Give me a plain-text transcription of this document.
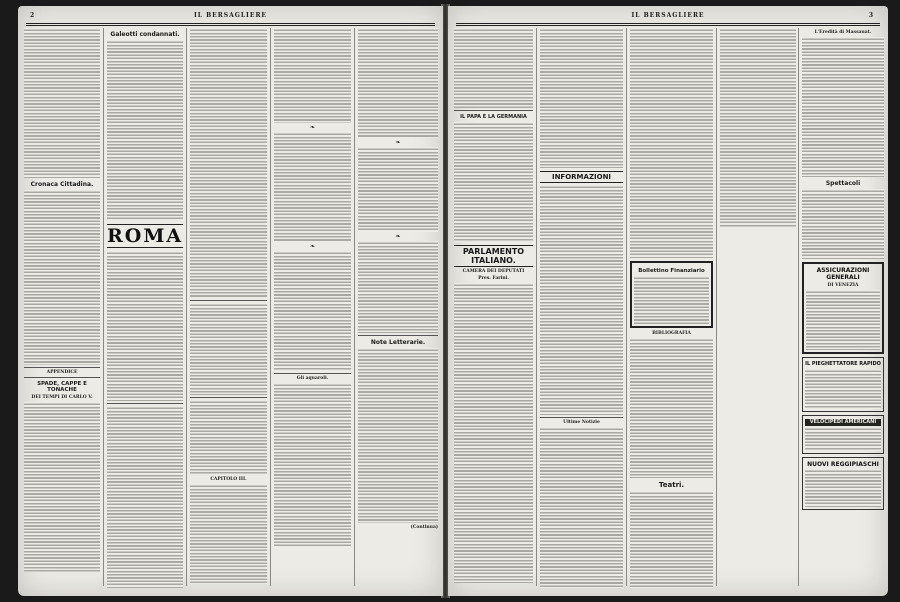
2	IL BERSAGLIERE
Cronaca Cittadina.
APPENDICE
SPADE, CAPPE E TONACHE
DEI TEMPI DI CARLO V.
Galeotti condannati.
ROMA
CAPITOLO III.
❧
❧
Gli aquaroli.
❧
❧
Note Letterarie.
(Continua)
IL BERSAGLIERE	3
IL PAPA E LA GERMANIA
PARLAMENTO ITALIANO.
CAMERA DEI DEPUTATI
Pres. Farini.
INFORMAZIONI
Ultime Notizie
Bollettino Finanziario
BIBLIOGRAFIA
Teatri.
L'Eredità di Massauat.
Spettacoli
ASSICURAZIONI GENERALI
DI VENEZIA
IL PIEGHETTATORE RAPIDO
VELOCIPEDI AMERICANI
NUOVI REGGIPIASCHI
